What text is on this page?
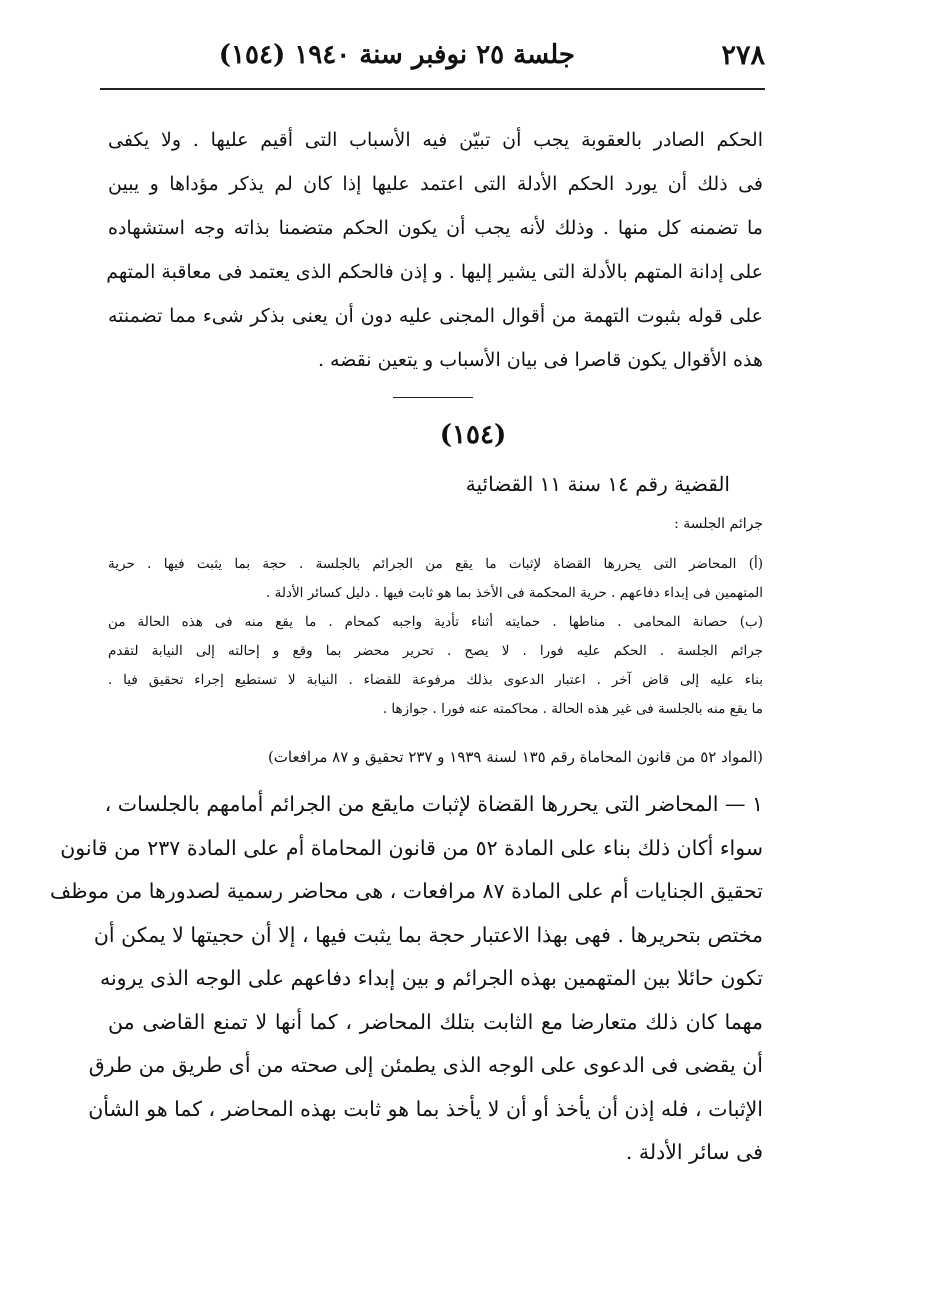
٢٧٨
جلسة ٢٥ نوفبر سنة ١٩٤٠ (١٥٤)
الحكم الصادر بالعقوبة يجب أن تبيّن فيه الأسباب التى أقيم عليها . ولا يكفى
فى ذلك أن يورد الحكم الأدلة التى اعتمد عليها إذا كان لم يذكر مؤداها و يبين
ما تضمنه كل منها . وذلك لأنه يجب أن يكون الحكم متضمنا بذاته وجه استشهاده
على إدانة المتهم بالأدلة التى يشير إليها . و إذن فالحكم الذى يعتمد فى معاقبة المتهم
على قوله بثبوت التهمة من أقوال المجنى عليه دون أن يعنى بذكر شىء مما تضمنته
هذه الأقوال يكون قاصرا فى بيان الأسباب و يتعين نقضه .
(١٥٤)
القضية رقم ١٤ سنة ١١ القضائية
جرائم الجلسة :
(أ) المحاضر التى يحررها القضاة لإثبات ما يقع من الجرائم بالجلسة . حجة بما يثبت فيها . حرية
المتهمين فى إبداء دفاعهم . حرية المحكمة فى الأخذ بما هو ثابت فيها . دليل كسائر الأدلة .
(ب) حصانة المحامى . مناطها . حمايته أثناء تأدية واجبه كمحام . ما يقع منه فى هذه الحالة من
جرائم الجلسة . الحكم عليه فورا . لا يصح . تحرير محضر بما وقع و إحالته إلى النيابة لتقدم
بناء عليه إلى قاض آخر . اعتبار الدعوى بذلك مرفوعة للقضاء . النيابة لا تستطيع إجراء تحقيق فيا .
ما يقع منه بالجلسة فى غير هذه الحالة . محاكمته عنه فورا . جوازها .
(المواد ٥٢ من قانون المحاماة رقم ١٣٥ لسنة ١٩٣٩ و ٢٣٧ تحقيق و ٨٧ مرافعات)
١ — المحاضر التى يحررها القضاة لإثبات مايقع من الجرائم أمامهم بالجلسات ،
سواء أكان ذلك بناء على المادة ٥٢ من قانون المحاماة أم على المادة ٢٣٧ من قانون
تحقيق الجنايات أم على المادة ٨٧ مرافعات ، هى محاضر رسمية لصدورها من موظف
مختص بتحريرها . فهى بهذا الاعتبار حجة بما يثبت فيها ، إلا أن حجيتها لا يمكن أن
تكون حائلا بين المتهمين بهذه الجرائم و بين إبداء دفاعهم على الوجه الذى يرونه
مهما كان ذلك متعارضا مع الثابت بتلك المحاضر ، كما أنها لا تمنع القاضى من
أن يقضى فى الدعوى على الوجه الذى يطمئن إلى صحته من أى طريق من طرق
الإثبات ، فله إذن أن يأخذ أو أن لا يأخذ بما هو ثابت بهذه المحاضر ، كما هو الشأن
فى سائر الأدلة .
